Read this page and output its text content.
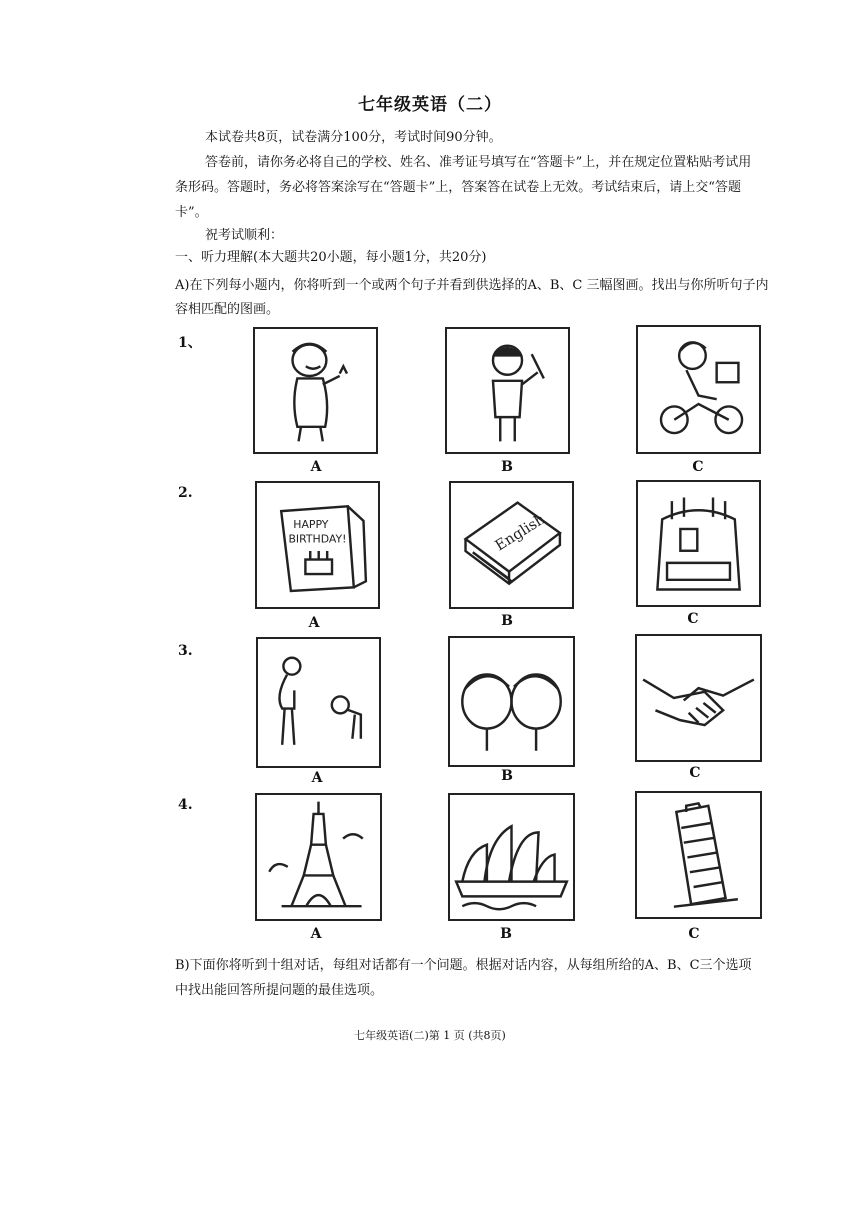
七年级英语（二）
本试卷共8页，试卷满分100分，考试时间90分钟。
答卷前，请你务必将自己的学校、姓名、准考证号填写在“答题卡”上，并在规定位置粘贴考试用
条形码。答题时，务必将答案涂写在“答题卡”上，答案答在试卷上无效。考试结束后，请上交“答题
卡”。
祝考试顺利：
一、听力理解(本大题共20小题，每小题1分，共20分)
A)在下列每小题内，你将听到一个或两个句子并看到供选择的A、B、C 三幅图画。找出与你所听句子内
容相匹配的图画。
1、
A	B	C
2.
HAPPY
BIRTHDAY!	English
A	B	C
3.
A	B	C
4.
A	B	C
B)下面你将听到十组对话，每组对话都有一个问题。根据对话内容，从每组所给的A、B、C三个选项
中找出能回答所提问题的最佳选项。
七年级英语(二)第 1 页 (共8页)
